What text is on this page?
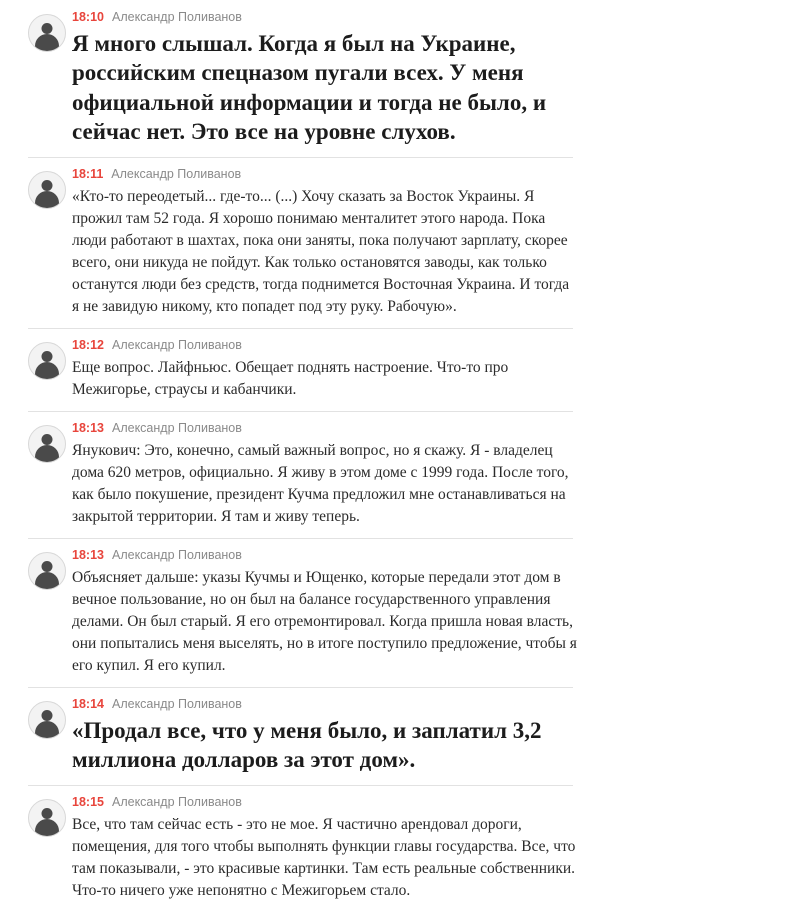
18:10 Александр Поливанов
Я много слышал. Когда я был на Украине, российским спецназом пугали всех. У меня официальной информации и тогда не было, и сейчас нет. Это все на уровне слухов.
18:11 Александр Поливанов
«Кто-то переодетый... где-то... (...) Хочу сказать за Восток Украины. Я прожил там 52 года. Я хорошо понимаю менталитет этого народа. Пока люди работают в шахтах, пока они заняты, пока получают зарплату, скорее всего, они никуда не пойдут. Как только остановятся заводы, как только останутся люди без средств, тогда поднимется Восточная Украина. И тогда я не завидую никому, кто попадет под эту руку. Рабочую».
18:12 Александр Поливанов
Еще вопрос. Лайфньюс. Обещает поднять настроение. Что-то про Межигорье, страусы и кабанчики.
18:13 Александр Поливанов
Янукович: Это, конечно, самый важный вопрос, но я скажу. Я - владелец дома 620 метров, официально. Я живу в этом доме с 1999 года. После того, как было покушение, президент Кучма предложил мне останавливаться на закрытой территории. Я там и живу теперь.
18:13 Александр Поливанов
Объясняет дальше: указы Кучмы и Ющенко, которые передали этот дом в вечное пользование, но он был на балансе государственного управления делами. Он был старый. Я его отремонтировал. Когда пришла новая власть, они попытались меня выселять, но в итоге поступило предложение, чтобы я его купил. Я его купил.
18:14 Александр Поливанов
«Продал все, что у меня было, и заплатил 3,2 миллиона долларов за этот дом».
18:15 Александр Поливанов
Все, что там сейчас есть - это не мое. Я частично арендовал дороги, помещения, для того чтобы выполнять функции главы государства. Все, что там показывали, - это красивые картинки. Там есть реальные собственники. Что-то ничего уже непонятно с Межигорьем стало.
